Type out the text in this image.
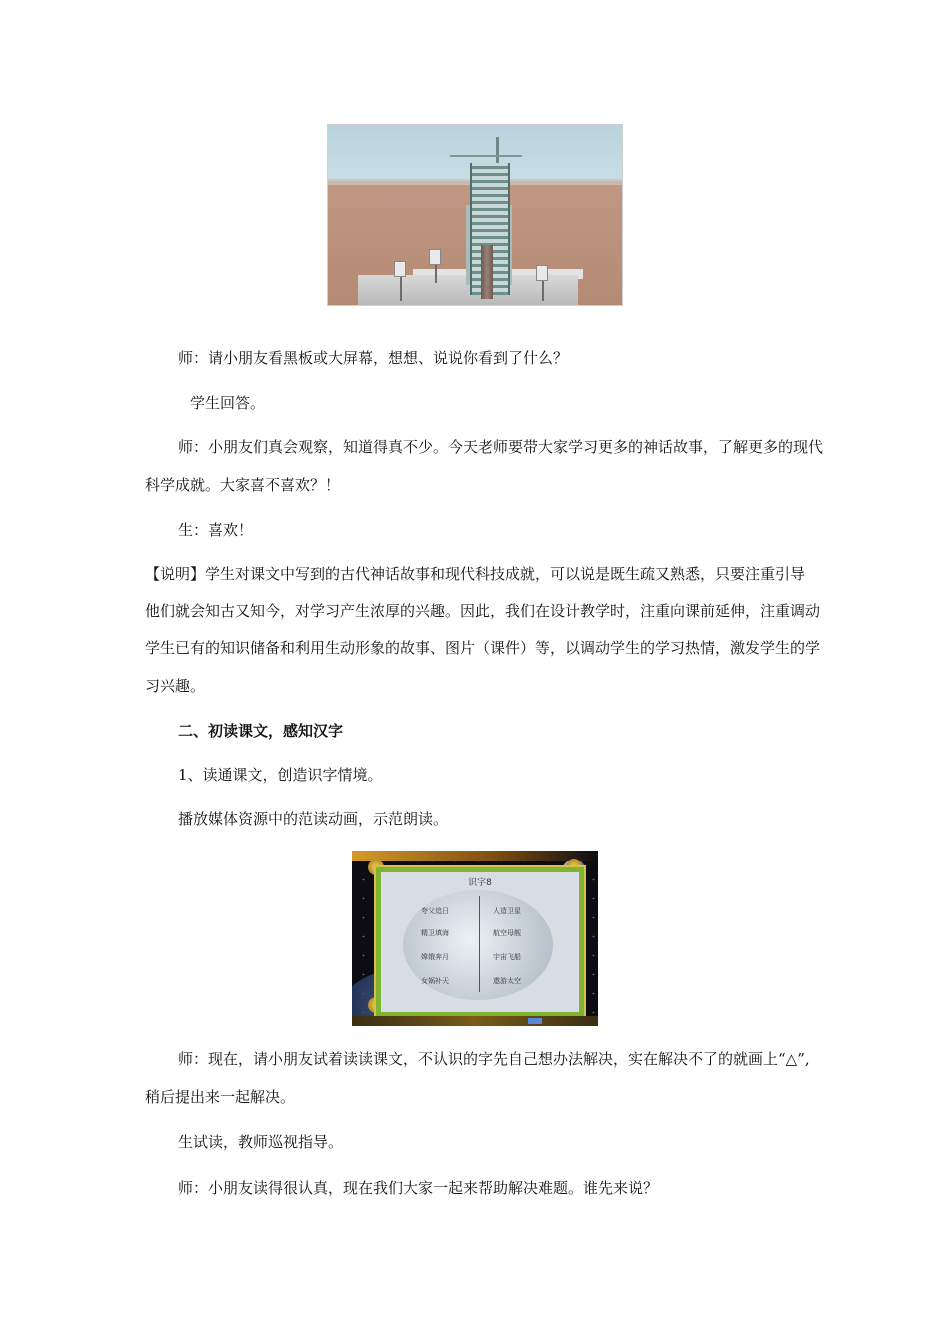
师：请小朋友看黑板或大屏幕，想想、说说你看到了什么？
学生回答。
师：小朋友们真会观察，知道得真不少。今天老师要带大家学习更多的神话故事，了解更多的现代
科学成就。大家喜不喜欢？！
生：喜欢！
【说明】学生对课文中写到的古代神话故事和现代科技成就，可以说是既生疏又熟悉，只要注重引导
他们就会知古又知今，对学习产生浓厚的兴趣。因此，我们在设计教学时，注重向课前延伸，注重调动
学生已有的知识储备和利用生动形象的故事、图片（课件）等，以调动学生的学习热情，激发学生的学
习兴趣。
二、初读课文，感知汉字
1、读通课文，创造识字情境。
播放媒体资源中的范读动画，示范朗读。
识字8
夸父追日
精卫填海
嫦娥奔月
女娲补天
人造卫星
航空母舰
宇宙飞船
遨游太空
师：现在，请小朋友试着读读课文，不认识的字先自己想办法解决，实在解决不了的就画上“△”,
稍后提出来一起解决。
生试读，教师巡视指导。
师：小朋友读得很认真，现在我们大家一起来帮助解决难题。谁先来说？
